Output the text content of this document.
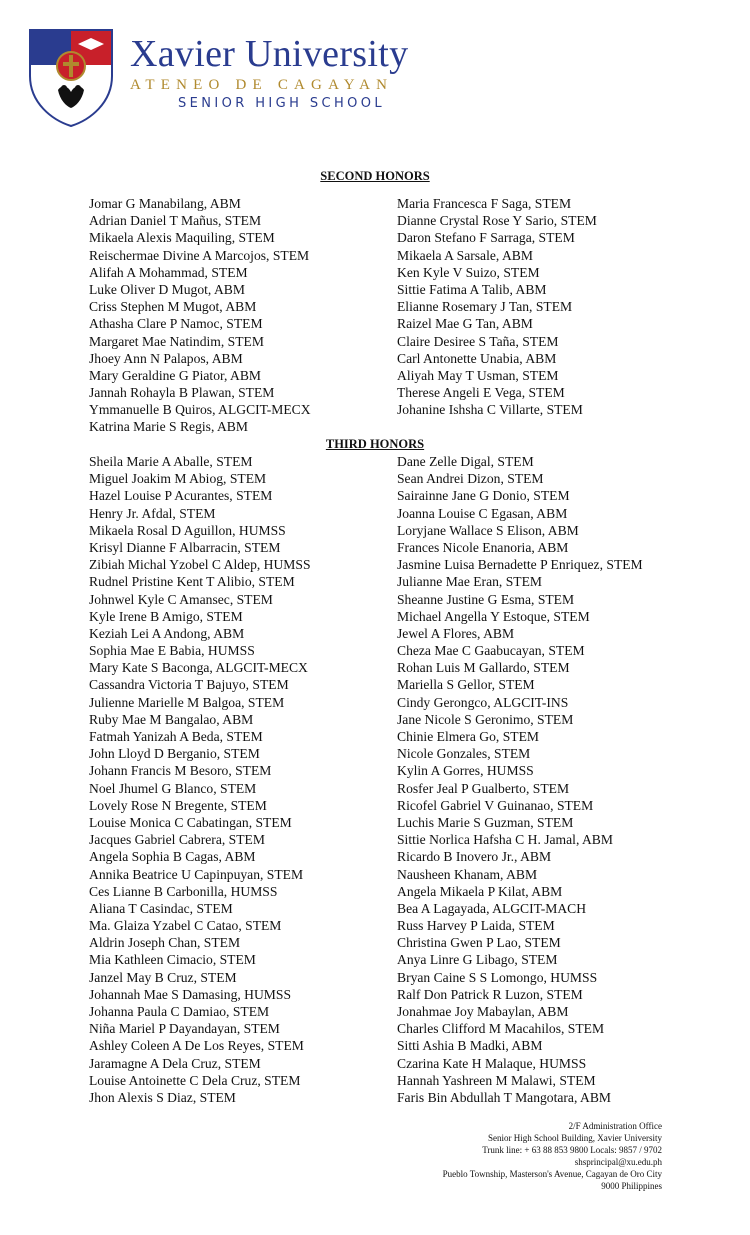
Xavier University
ATENEO DE CAGAYAN
SENIOR HIGH SCHOOL
SECOND HONORS
Jomar G Manabilang, ABM
Adrian Daniel T Mañus, STEM
Mikaela Alexis Maquiling, STEM
Reischermae Divine A Marcojos, STEM
Alifah A Mohammad, STEM
Luke Oliver D Mugot, ABM
Criss Stephen M Mugot, ABM
Athasha Clare P Namoc, STEM
Margaret Mae Natindim, STEM
Jhoey Ann N Palapos, ABM
Mary Geraldine G Piator, ABM
Jannah Rohayla B Plawan, STEM
Ymmanuelle B Quiros, ALGCIT-MECX
Katrina Marie S Regis, ABM
Maria Francesca F Saga, STEM
Dianne Crystal Rose Y Sario, STEM
Daron Stefano F Sarraga, STEM
Mikaela A Sarsale, ABM
Ken Kyle V Suizo, STEM
Sittie Fatima A Talib, ABM
Elianne Rosemary J Tan, STEM
Raizel Mae G Tan, ABM
Claire Desiree S Taña, STEM
Carl Antonette Unabia, ABM
Aliyah May T Usman, STEM
Therese Angeli E Vega, STEM
Johanine Ishsha C Villarte, STEM
THIRD HONORS
Sheila Marie A Aballe, STEM
Miguel Joakim M Abiog, STEM
Hazel Louise P Acurantes, STEM
Henry Jr. Afdal, STEM
Mikaela Rosal D Aguillon, HUMSS
Krisyl Dianne F Albarracin, STEM
Zibiah Michal Yzobel C Aldep, HUMSS
Rudnel Pristine Kent T Alibio, STEM
Johnwel Kyle C Amansec, STEM
Kyle Irene B Amigo, STEM
Keziah Lei A Andong, ABM
Sophia Mae E Babia, HUMSS
Mary Kate S Baconga, ALGCIT-MECX
Cassandra Victoria T Bajuyo, STEM
Julienne Marielle M Balgoa, STEM
Ruby Mae M Bangalao, ABM
Fatmah Yanizah A Beda, STEM
John Lloyd D Berganio, STEM
Johann Francis M Besoro, STEM
Noel Jhumel G Blanco, STEM
Lovely Rose N Bregente, STEM
Louise Monica C Cabatingan, STEM
Jacques Gabriel Cabrera, STEM
Angela Sophia B Cagas, ABM
Annika Beatrice U Capinpuyan, STEM
Ces Lianne B Carbonilla, HUMSS
Aliana T Casindac, STEM
Ma. Glaiza Yzabel C Catao, STEM
Aldrin Joseph Chan, STEM
Mia Kathleen Cimacio, STEM
Janzel May B Cruz, STEM
Johannah Mae S Damasing, HUMSS
Johanna Paula C Damiao, STEM
Niña Mariel P Dayandayan, STEM
Ashley Coleen A De Los Reyes, STEM
Jaramagne A Dela Cruz, STEM
Louise Antoinette C Dela Cruz, STEM
Jhon Alexis S Diaz, STEM
Dane Zelle Digal, STEM
Sean Andrei Dizon, STEM
Sairainne Jane G Donio, STEM
Joanna Louise C Egasan, ABM
Loryjane Wallace S Elison, ABM
Frances Nicole Enanoria, ABM
Jasmine Luisa Bernadette P Enriquez, STEM
Julianne Mae Eran, STEM
Sheanne Justine G Esma, STEM
Michael Angella Y Estoque, STEM
Jewel A Flores, ABM
Cheza Mae C Gaabucayan, STEM
Rohan Luis M Gallardo, STEM
Mariella S Gellor, STEM
Cindy Gerongco, ALGCIT-INS
Jane Nicole S Geronimo, STEM
Chinie Elmera Go, STEM
Nicole Gonzales, STEM
Kylin A Gorres, HUMSS
Rosfer Jeal P Gualberto, STEM
Ricofel Gabriel V Guinanao, STEM
Luchis Marie S Guzman, STEM
Sittie Norlica Hafsha C H. Jamal, ABM
Ricardo B Inovero Jr., ABM
Nausheen Khanam, ABM
Angela Mikaela P Kilat, ABM
Bea A Lagayada, ALGCIT-MACH
Russ Harvey P Laida, STEM
Christina Gwen P Lao, STEM
Anya Linre G Libago, STEM
Bryan Caine S S Lomongo, HUMSS
Ralf Don Patrick R Luzon, STEM
Jonahmae Joy Mabaylan, ABM
Charles Clifford M Macahilos, STEM
Sitti Ashia B Madki, ABM
Czarina Kate H Malaque, HUMSS
Hannah Yashreen M Malawi, STEM
Faris Bin Abdullah T Mangotara, ABM
2/F Administration Office
Senior High School Building, Xavier University
Trunk line: + 63 88 853 9800 Locals: 9857 / 9702
shsprincipal@xu.edu.ph
Pueblo Township, Masterson's Avenue, Cagayan de Oro City
9000 Philippines
